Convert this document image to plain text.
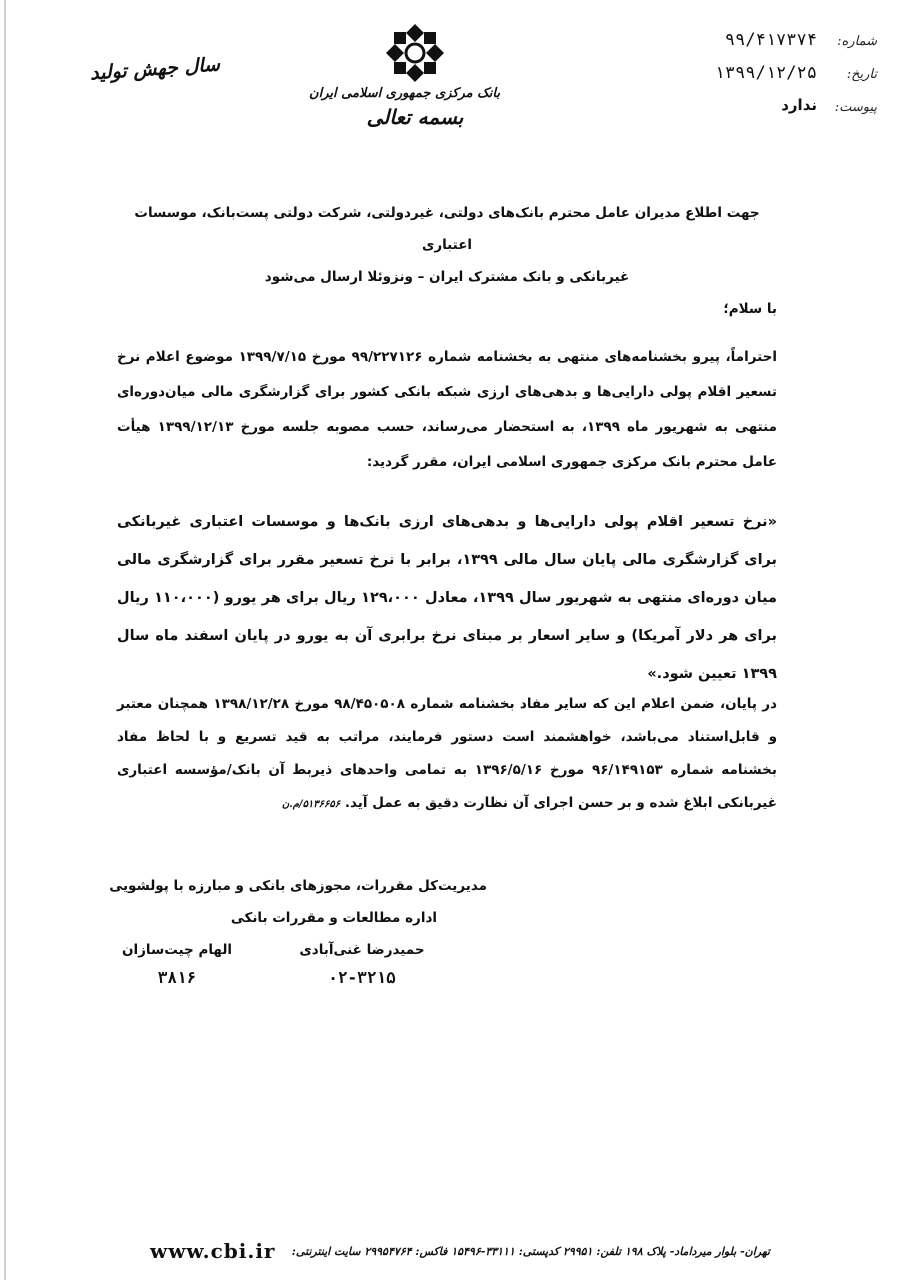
شماره:
۹۹/۴۱۷۳۷۴
تاریخ:
۱۳۹۹/۱۲/۲۵
پیوست:
ندارد
بانک مرکزی جمهوری اسلامی ایران
بسمه تعالی
سال جهش تولید
جهت اطلاع مدیران عامل محترم بانک‌های دولتی، غیردولتی، شرکت دولتی پست‌بانک، موسسات اعتباری
غیربانکی و بانک مشترک ایران – ونزوئلا ارسال می‌شود
با سلام؛
احتراماً، پیرو بخشنامه‌های منتهی به بخشنامه شماره ۹۹/۲۲۷۱۲۶ مورخ ۱۳۹۹/۷/۱۵ موضوع اعلام نرخ تسعیر اقلام پولی دارایی‌ها و بدهی‌های ارزی شبکه بانکی کشور برای گزارشگری مالی میان‌دوره‌ای منتهی به شهریور ماه ۱۳۹۹، به استحضار می‌رساند، حسب مصوبه جلسه مورخ ۱۳۹۹/۱۲/۱۳ هیأت عامل محترم بانک مرکزی جمهوری اسلامی ایران، مقرر گردید:
«نرخ تسعیر اقلام پولی دارایی‌ها و بدهی‌های ارزی بانک‌ها و موسسات اعتباری غیربانکی برای گزارشگری مالی پایان سال مالی ۱۳۹۹، برابر با نرخ تسعیر مقرر برای گزارشگری مالی میان دوره‌ای منتهی به شهریور سال ۱۳۹۹، معادل ۱۲۹،۰۰۰ ریال برای هر یورو (۱۱۰،۰۰۰ ریال برای هر دلار آمریکا) و سایر اسعار بر مبنای نرخ برابری آن به یورو در پایان اسفند ماه سال ۱۳۹۹ تعیین شود.»
در پایان، ضمن اعلام این که سایر مفاد بخشنامه شماره ۹۸/۴۵۰۵۰۸ مورخ ۱۳۹۸/۱۲/۲۸ همچنان معتبر و قابل‌استناد می‌باشد، خواهشمند است دستور فرمایند، مراتب به قید تسریع و با لحاظ مفاد بخشنامه شماره ۹۶/۱۴۹۱۵۳ مورخ ۱۳۹۶/۵/۱۶ به تمامی واحدهای ذیربط آن بانک/مؤسسه اعتباری غیربانکی ابلاغ شده و بر حسن اجرای آن نظارت دقیق به عمل آید. ۵۱۳۶۶۵۶/م.ن
مدیریت‌کل مقررات، مجوزهای بانکی و مبارزه با پولشویی
اداره مطالعات و مقررات بانکی
حمیدرضا غنی‌آبادی
الهام چیت‌سازان
۰۲-۳۲۱۵
۳۸۱۶
تهران- بلوار میرداماد- پلاک ۱۹۸ تلفن: ۲۹۹۵۱ کدپستی: ۳۳۱۱۱-۱۵۴۹۶ فاکس: ۲۹۹۵۴۷۶۴ سایت اینترنتی:
www.cbi.ir
